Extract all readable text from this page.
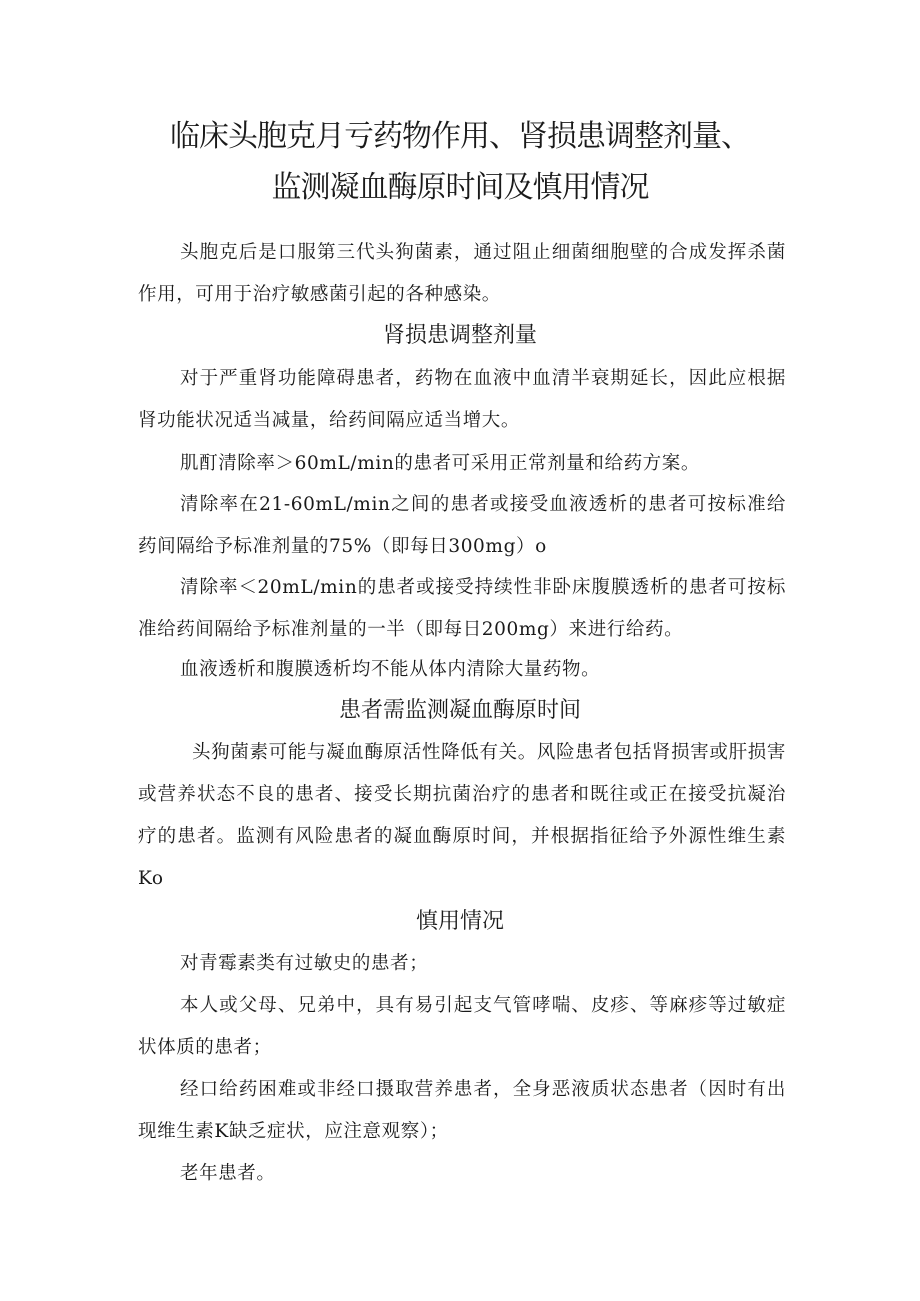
临床头胞克月亏药物作用、肾损患调整剂量、
监测凝血酶原时间及慎用情况

头胞克后是口服第三代头狗菌素，通过阻止细菌细胞壁的合成发挥杀菌作用，可用于治疗敏感菌引起的各种感染。

肾损患调整剂量

对于严重肾功能障碍患者，药物在血液中血清半衰期延长，因此应根据肾功能状况适当减量，给药间隔应适当增大。

肌酊清除率＞60mL∕min的患者可采用正常剂量和给药方案。

清除率在21-60mL∕min之间的患者或接受血液透析的患者可按标准给药间隔给予标准剂量的75%（即每日300mg）o

清除率＜20mL∕min的患者或接受持续性非卧床腹膜透析的患者可按标准给药间隔给予标准剂量的一半（即每日200mg）来进行给药。

血液透析和腹膜透析均不能从体内清除大量药物。

患者需监测凝血酶原时间

头狗菌素可能与凝血酶原活性降低有关。风险患者包括肾损害或肝损害或营养状态不良的患者、接受长期抗菌治疗的患者和既往或正在接受抗凝治疗的患者。监测有风险患者的凝血酶原时间，并根据指征给予外源性维生素Ko

慎用情况

对青霉素类有过敏史的患者；

本人或父母、兄弟中，具有易引起支气管哮喘、皮疹、等麻疹等过敏症状体质的患者；

经口给药困难或非经口摄取营养患者，全身恶液质状态患者（因时有出现维生素K缺乏症状，应注意观察）；

老年患者。
